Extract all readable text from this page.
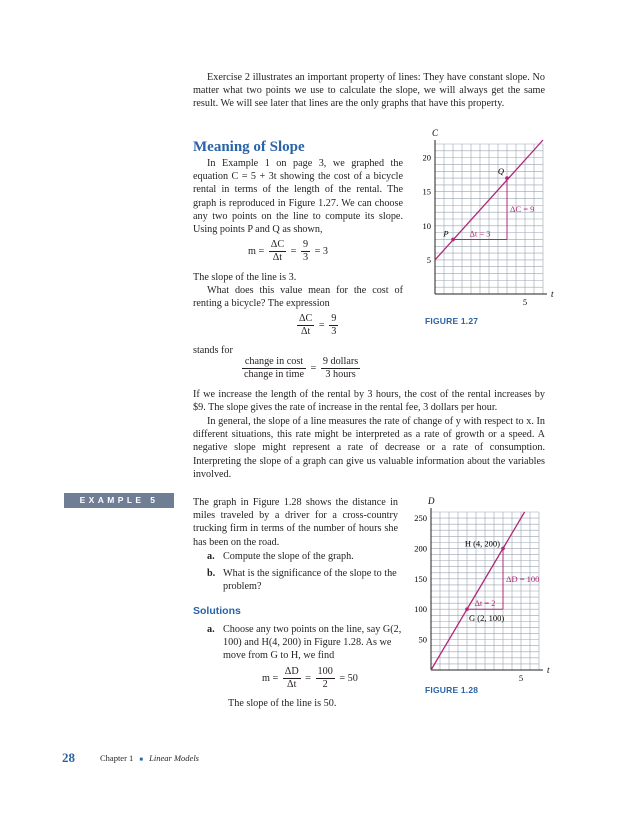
Exercise 2 illustrates an important property of lines: They have constant slope. No matter what two points we use to calculate the slope, we will always get the same result. We will see later that lines are the only graphs that have this property.
Meaning of Slope
In Example 1 on page 3, we graphed the equation C = 5 + 3t showing the cost of a bicycle rental in terms of the length of the rental. The graph is reproduced in Figure 1.27. We can choose any two points on the line to compute its slope. Using points P and Q as shown,
$m = \frac{\Delta C}{\Delta t} = \frac{9}{3} = 3$
The slope of the line is 3.
What does this value mean for the cost of renting a bicycle? The expression
$\frac{\Delta C}{\Delta t} = \frac{9}{3}$
stands for
$\frac{\text{change in cost}}{\text{change in time}} = \frac{\text{9 dollars}}{\text{3 hours}}$
If we increase the length of the rental by 3 hours, the cost of the rental increases by $9. The slope gives the rate of increase in the rental fee, 3 dollars per hour.
In general, the slope of a line measures the rate of change of y with respect to x. In different situations, this rate might be interpreted as a rate of growth or a speed. A negative slope might represent a rate of decrease or a rate of consumption. Interpreting the slope of a graph can give us valuable information about the variables involved.
t
C
5
10
15
20
5
P
Q
ΔC = 9
Δt = 3
FIGURE 1.27
EXAMPLE 5	The graph in Figure 1.28 shows the distance in miles traveled by a driver for a cross-country trucking firm in terms of the number of hours she has been on the road.
a. Compute the slope of the graph.
b. What is the significance of the slope to the problem?
Solutions
a. Choose any two points on the line, say G(2, 100) and H(4, 200) in Figure 1.28. As we move from G to H, we find
$m = \frac{\Delta D}{\Delta t} = \frac{100}{2} = 50$
The slope of the line is 50.
t
D
50
100
150
200
250
5
G (2, 100)
H (4, 200)
ΔD = 100
Δt = 2
FIGURE 1.28
28	Chapter 1 ■ Linear Models
